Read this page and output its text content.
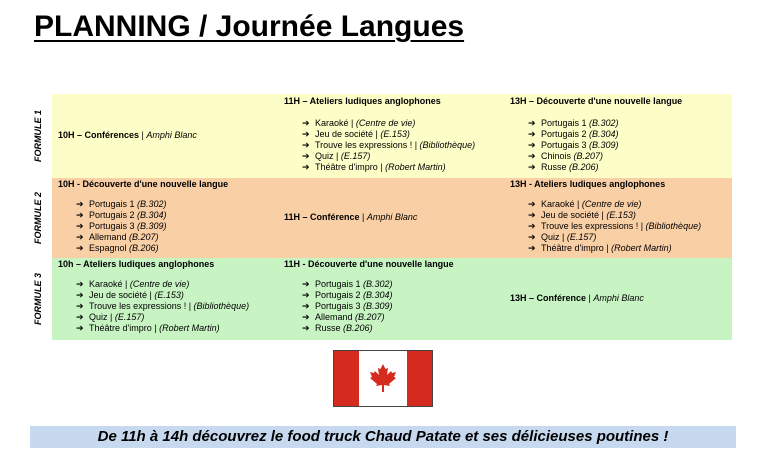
PLANNING / Journée Langues
FORMULE 1 10H – Conférences | Amphi Blanc
11H – Ateliers ludiques anglophones
➔ Karaoké | (Centre de vie)
➔ Jeu de société | (E.153)
➔ Trouve les expressions ! | (Bibliothèque)
➔ Quiz | (E.157)
➔ Théâtre d'impro | (Robert Martin)
13H – Découverte d'une nouvelle langue
➔ Portugais 1 (B.302)
➔ Portugais 2 (B.304)
➔ Portugais 3 (B.309)
➔ Chinois (B.207)
➔ Russe (B.206)
FORMULE 2
10H - Découverte d'une nouvelle langue
➔ Portugais 1 (B.302)
➔ Portugais 2 (B.304)
➔ Portugais 3 (B.309)
➔ Allemand (B.207)
➔ Espagnol (B.206)
11H – Conférence | Amphi Blanc
13H - Ateliers ludiques anglophones
➔ Karaoké | (Centre de vie)
➔ Jeu de société | (E.153)
➔ Trouve les expressions ! | (Bibliothèque)
➔ Quiz | (E.157)
➔ Théâtre d'impro | (Robert Martin)
FORMULE 3
10h – Ateliers ludiques anglophones
➔ Karaoké | (Centre de vie)
➔ Jeu de société | (E.153)
➔ Trouve les expressions ! | (Bibliothèque)
➔ Quiz | (E.157)
➔ Théâtre d'impro | (Robert Martin)
11H - Découverte d'une nouvelle langue
➔ Portugais 1 (B.302)
➔ Portugais 2 (B.304)
➔ Portugais 3 (B.309)
➔ Allemand (B.207)
➔ Russe (B.206)
13H – Conférence | Amphi Blanc
De 11h à 14h découvrez le food truck Chaud Patate et ses délicieuses poutines !
